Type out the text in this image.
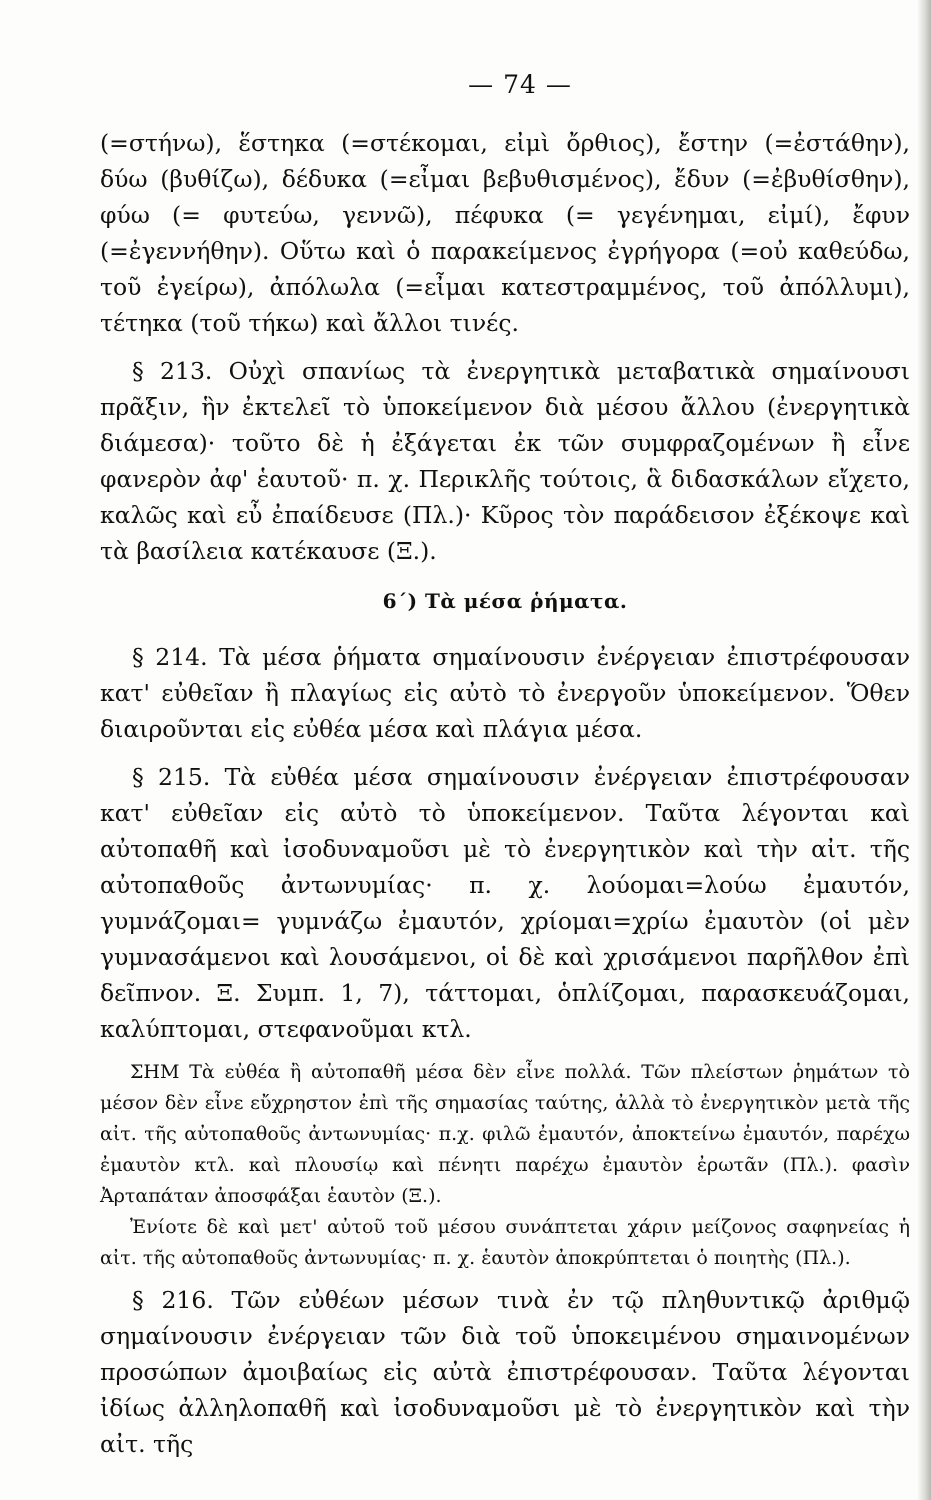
— 74 —

(=στήνω), ἕστηκα (=στέκομαι, εἰμὶ ὄρθιος), ἔστην (=ἐστάθην), δύω (βυθίζω), δέδυκα (=εἶμαι βεβυθισμένος), ἔδυν (=ἐβυθίσθην), φύω (= φυτεύω, γεννῶ), πέφυκα (= γεγένημαι, εἰμί), ἔφυν (=ἐγεννήθην). Οὕτω καὶ ὁ παρακείμενος ἐγρήγορα (=οὐ καθεύδω, τοῦ ἐγείρω), ἀπόλωλα (=εἶμαι κατεστραμμένος, τοῦ ἀπόλλυμι), τέτηκα (τοῦ τήκω) καὶ ἄλλοι τινές.

§ 213. Οὐχὶ σπανίως τὰ ἐνεργητικὰ μεταβατικὰ σημαίνουσι πρᾶξιν, ἣν ἐκτελεῖ τὸ ὑποκείμενον διὰ μέσου ἄλλου (ἐνεργητικὰ διάμεσα)· τοῦτο δὲ ἡ ἐξάγεται ἐκ τῶν συμφραζομένων ἢ εἶνε φανερὸν ἀφ' ἑαυτοῦ· π. χ. Περικλῆς τούτοις, ἃ διδασκάλων εἴχετο, καλῶς καὶ εὖ ἐπαίδευσε (Πλ.)· Κῦρος τὸν παράδεισον ἐξέκοψε καὶ τὰ βασίλεια κατέκαυσε (Ξ.).

6΄) Τὰ μέσα ῥήματα.

§ 214. Τὰ μέσα ῥήματα σημαίνουσιν ἐνέργειαν ἐπιστρέφουσαν κατ' εὐθεῖαν ἢ πλαγίως εἰς αὐτὸ τὸ ἐνεργοῦν ὑποκείμενον. Ὅθεν διαιροῦνται εἰς εὐθέα μέσα καὶ πλάγια μέσα.

§ 215. Τὰ εὐθέα μέσα σημαίνουσιν ἐνέργειαν ἐπιστρέφουσαν κατ' εὐθεῖαν εἰς αὐτὸ τὸ ὑποκείμενον. Ταῦτα λέγονται καὶ αὐτοπαθῆ καὶ ἰσοδυναμοῦσι μὲ τὸ ἐνεργητικὸν καὶ τὴν αἰτ. τῆς αὐτοπαθοῦς ἀντωνυμίας· π. χ. λούομαι=λούω ἐμαυτόν, γυμνάζομαι= γυμνάζω ἐμαυτόν, χρίομαι=χρίω ἐμαυτὸν (οἱ μὲν γυμνασάμενοι καὶ λουσάμενοι, οἱ δὲ καὶ χρισάμενοι παρῆλθον ἐπὶ δεῖπνον. Ξ. Συμπ. 1, 7), τάττομαι, ὁπλίζομαι, παρασκευάζομαι, καλύπτομαι, στεφανοῦμαι κτλ.

ΣΗΜ Τὰ εὐθέα ἢ αὐτοπαθῆ μέσα δὲν εἶνε πολλά. Τῶν πλείστων ῥημάτων τὸ μέσον δὲν εἶνε εὔχρηστον ἐπὶ τῆς σημασίας ταύτης, ἀλλὰ τὸ ἐνεργητικὸν μετὰ τῆς αἰτ. τῆς αὐτοπαθοῦς ἀντωνυμίας· π.χ. φιλῶ ἐμαυτόν, ἀποκτείνω ἐμαυτόν, παρέχω ἐμαυτὸν κτλ. καὶ πλουσίῳ καὶ πένητι παρέχω ἐμαυτὸν ἐρωτᾶν (Πλ.). φασὶν Ἀρταπάταν ἀποσφάξαι ἑαυτὸν (Ξ.).

Ἐνίοτε δὲ καὶ μετ' αὐτοῦ τοῦ μέσου συνάπτεται χάριν μείζονος σαφηνείας ἡ αἰτ. τῆς αὐτοπαθοῦς ἀντωνυμίας· π. χ. ἑαυτὸν ἀποκρύπτεται ὁ ποιητὴς (Πλ.).

§ 216. Τῶν εὐθέων μέσων τινὰ ἐν τῷ πληθυντικῷ ἀριθμῷ σημαίνουσιν ἐνέργειαν τῶν διὰ τοῦ ὑποκειμένου σημαινομένων προσώπων ἀμοιβαίως εἰς αὐτὰ ἐπιστρέφουσαν. Ταῦτα λέγονται ἰδίως ἀλληλοπαθῆ καὶ ἰσοδυναμοῦσι μὲ τὸ ἐνεργητικὸν καὶ τὴν αἰτ. τῆς
